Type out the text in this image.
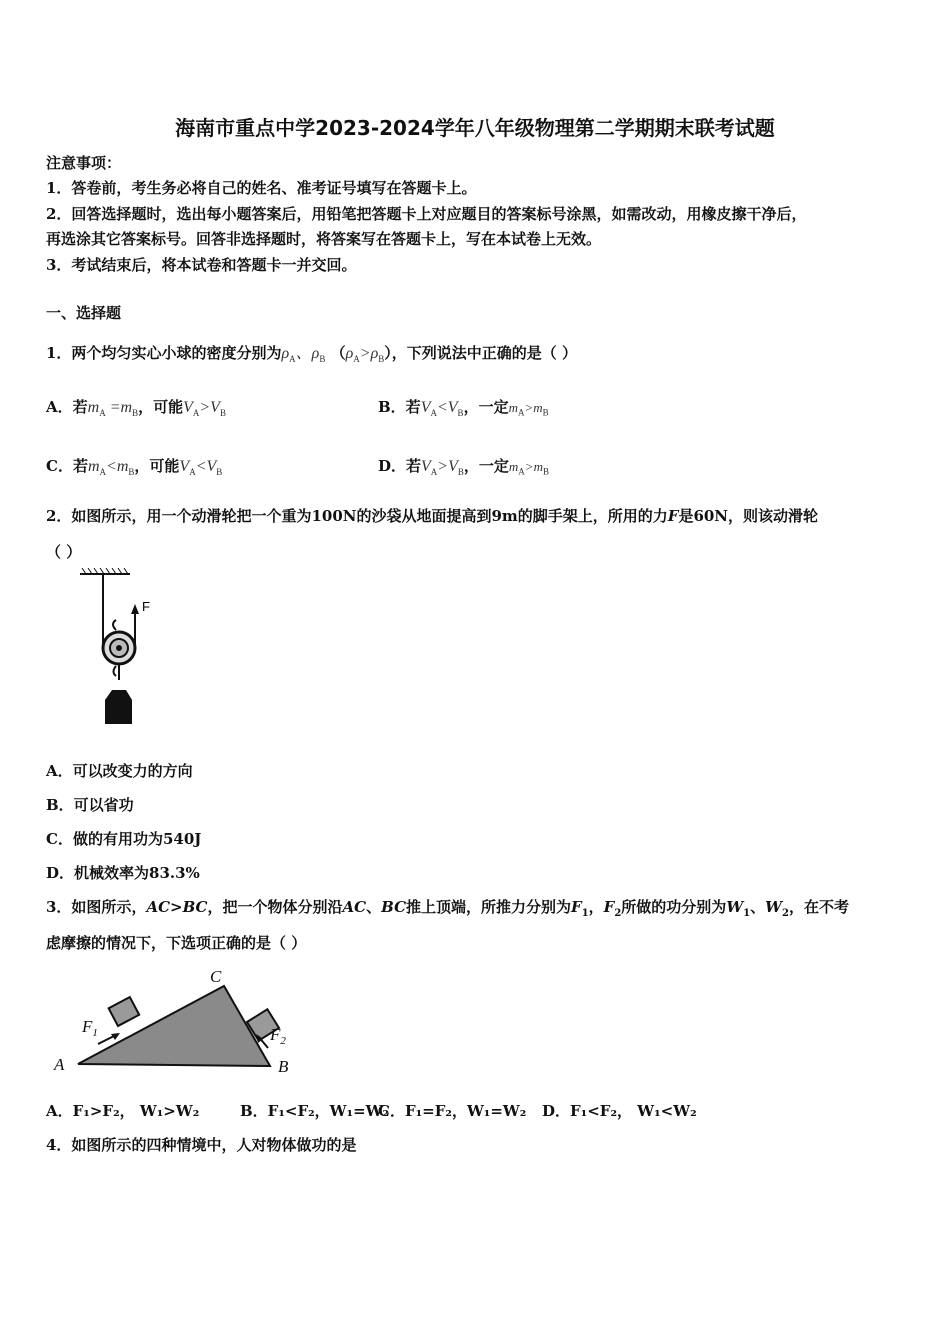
海南市重点中学2023-2024学年八年级物理第二学期期末联考试题
注意事项：
1．答卷前，考生务必将自己的姓名、准考证号填写在答题卡上。
2．回答选择题时，选出每小题答案后，用铅笔把答题卡上对应题目的答案标号涂黑，如需改动，用橡皮擦干净后，
再选涂其它答案标号。回答非选择题时，将答案写在答题卡上，写在本试卷上无效。
3．考试结束后，将本试卷和答题卡一并交回。
一、选择题
1．两个均匀实心小球的密度分别为$\rho_A$、$\rho_B$ $(\rho_A>\rho_B)$，下列说法中正确的是（ ）
A．若$m_A =m_B$，可能$V_A>V_B$	B．若$V_A<V_B$，一定$m_A>m_B$
C．若$m_A<m_B$，可能$V_A<V_B$	D．若$V_A>V_B$，一定$m_A>m_B$
2．如图所示，用一个动滑轮把一个重为100N的沙袋从地面提高到9m的脚手架上，所用的力F是60N，则该动滑轮
（ ）
F
A．可以改变力的方向
B．可以省功
C．做的有用功为540J
D．机械效率为83.3%
3．如图所示，AC>BC，把一个物体分别沿AC、BC推上顶端，所推力分别为$F_1$，$F_2$所做的功分别为$W_1$、$W_2$，在不考
虑摩擦的情况下，下选项正确的是（ ）
C
A	B
$F_1$	$F_2$
A．F₁>F₂， W₁>W₂	B．F₁<F₂，W₁=W₂
C．F₁=F₂，W₁=W₂ D．F₁<F₂， W₁<W₂
4．如图所示的四种情境中，人对物体做功的是
